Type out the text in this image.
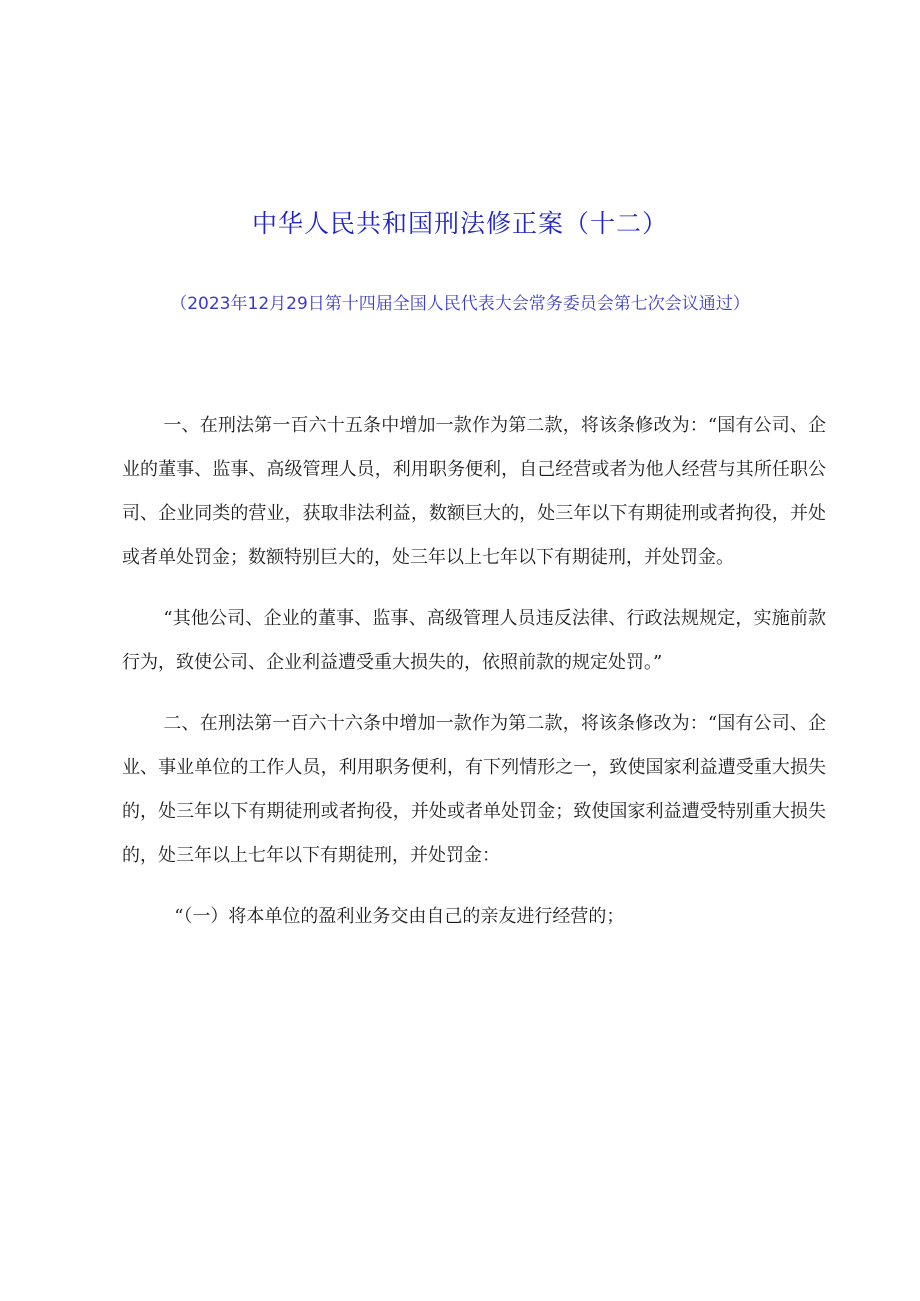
中华人民共和国刑法修正案（十二）
（2023年12月29日第十四届全国人民代表大会常务委员会第七次会议通过）

一、在刑法第一百六十五条中增加一款作为第二款，将该条修改为：“国有公司、企业的董事、监事、高级管理人员，利用职务便利，自己经营或者为他人经营与其所任职公司、企业同类的营业，获取非法利益，数额巨大的，处三年以下有期徒刑或者拘役，并处或者单处罚金；数额特别巨大的，处三年以上七年以下有期徒刑，并处罚金。

“其他公司、企业的董事、监事、高级管理人员违反法律、行政法规规定，实施前款行为，致使公司、企业利益遭受重大损失的，依照前款的规定处罚。”

二、在刑法第一百六十六条中增加一款作为第二款，将该条修改为：“国有公司、企业、事业单位的工作人员，利用职务便利，有下列情形之一，致使国家利益遭受重大损失的，处三年以下有期徒刑或者拘役，并处或者单处罚金；致使国家利益遭受特别重大损失的，处三年以上七年以下有期徒刑，并处罚金：

“（一）将本单位的盈利业务交由自己的亲友进行经营的；
